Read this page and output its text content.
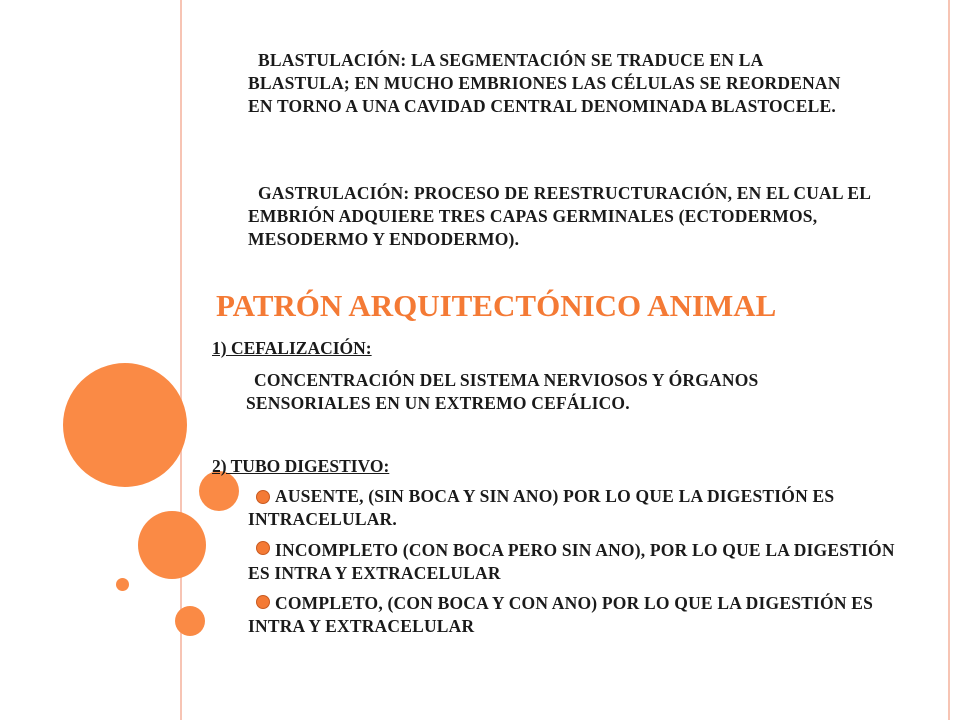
BLASTULACIÓN: LA SEGMENTACIÓN SE TRADUCE EN LA BLASTULA; EN MUCHO EMBRIONES LAS CÉLULAS SE REORDENAN EN TORNO A UNA CAVIDAD CENTRAL DENOMINADA BLASTOCELE.
GASTRULACIÓN: PROCESO DE REESTRUCTURACIÓN, EN EL CUAL EL EMBRIÓN ADQUIERE TRES CAPAS GERMINALES (ECTODERMOS, MESODERMO Y ENDODERMO).
PATRÓN ARQUITECTÓNICO ANIMAL
1) CEFALIZACIÓN:
CONCENTRACIÓN DEL SISTEMA NERVIOSOS Y ÓRGANOS SENSORIALES EN UN EXTREMO CEFÁLICO.
2) TUBO DIGESTIVO:
AUSENTE, (SIN BOCA Y SIN ANO) POR LO QUE LA DIGESTIÓN ES INTRACELULAR.
INCOMPLETO (CON BOCA PERO SIN ANO), POR LO QUE LA DIGESTIÓN ES INTRA Y EXTRACELULAR
COMPLETO, (CON BOCA Y CON ANO) POR LO QUE LA DIGESTIÓN ES INTRA Y EXTRACELULAR
